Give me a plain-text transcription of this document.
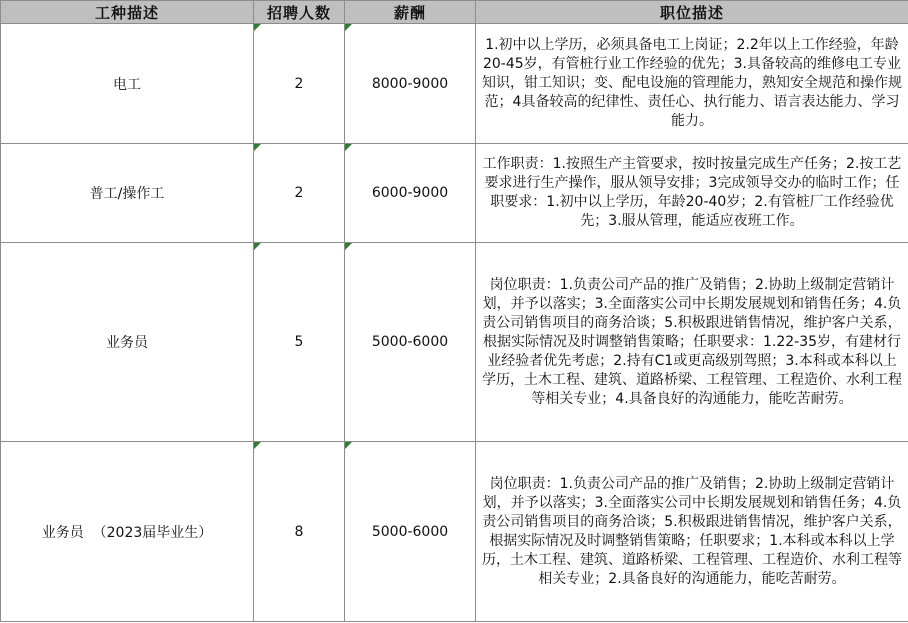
工种描述	招聘人数	薪酬	职位描述
电工	2	8000-9000	1.初中以上学历，必须具备电工上岗证；2.2年以上工作经验，年龄20-45岁，有管桩行业工作经验的优先；3.具备较高的维修电工专业知识，钳工知识；变、配电设施的管理能力，熟知安全规范和操作规范；4具备较高的纪律性、责任心、执行能力、语言表达能力、学习能力。
普工/操作工	2	6000-9000	工作职责：1.按照生产主管要求，按时按量完成生产任务；2.按工艺要求进行生产操作，服从领导安排；3完成领导交办的临时工作；任职要求：1.初中以上学历，年龄20-40岁；2.有管桩厂工作经验优先；3.服从管理，能适应夜班工作。
业务员	5	5000-6000	岗位职责：1.负责公司产品的推广及销售；2.协助上级制定营销计划，并予以落实；3.全面落实公司中长期发展规划和销售任务；4.负责公司销售项目的商务洽谈；5.积极跟进销售情况，维护客户关系，根据实际情况及时调整销售策略；任职要求：1.22-35岁，有建材行业经验者优先考虑；2.持有C1或更高级别驾照；3.本科或本科以上学历，土木工程、建筑、道路桥梁、工程管理、工程造价、水利工程等相关专业；4.具备良好的沟通能力，能吃苦耐劳。
业务员  （2023届毕业生）	8	5000-6000	岗位职责：1.负责公司产品的推广及销售；2.协助上级制定营销计划，并予以落实；3.全面落实公司中长期发展规划和销售任务；4.负责公司销售项目的商务洽谈；5.积极跟进销售情况，维护客户关系，根据实际情况及时调整销售策略；任职要求；1.本科或本科以上学历，土木工程、建筑、道路桥梁、工程管理、工程造价、水利工程等相关专业；2.具备良好的沟通能力，能吃苦耐劳。
